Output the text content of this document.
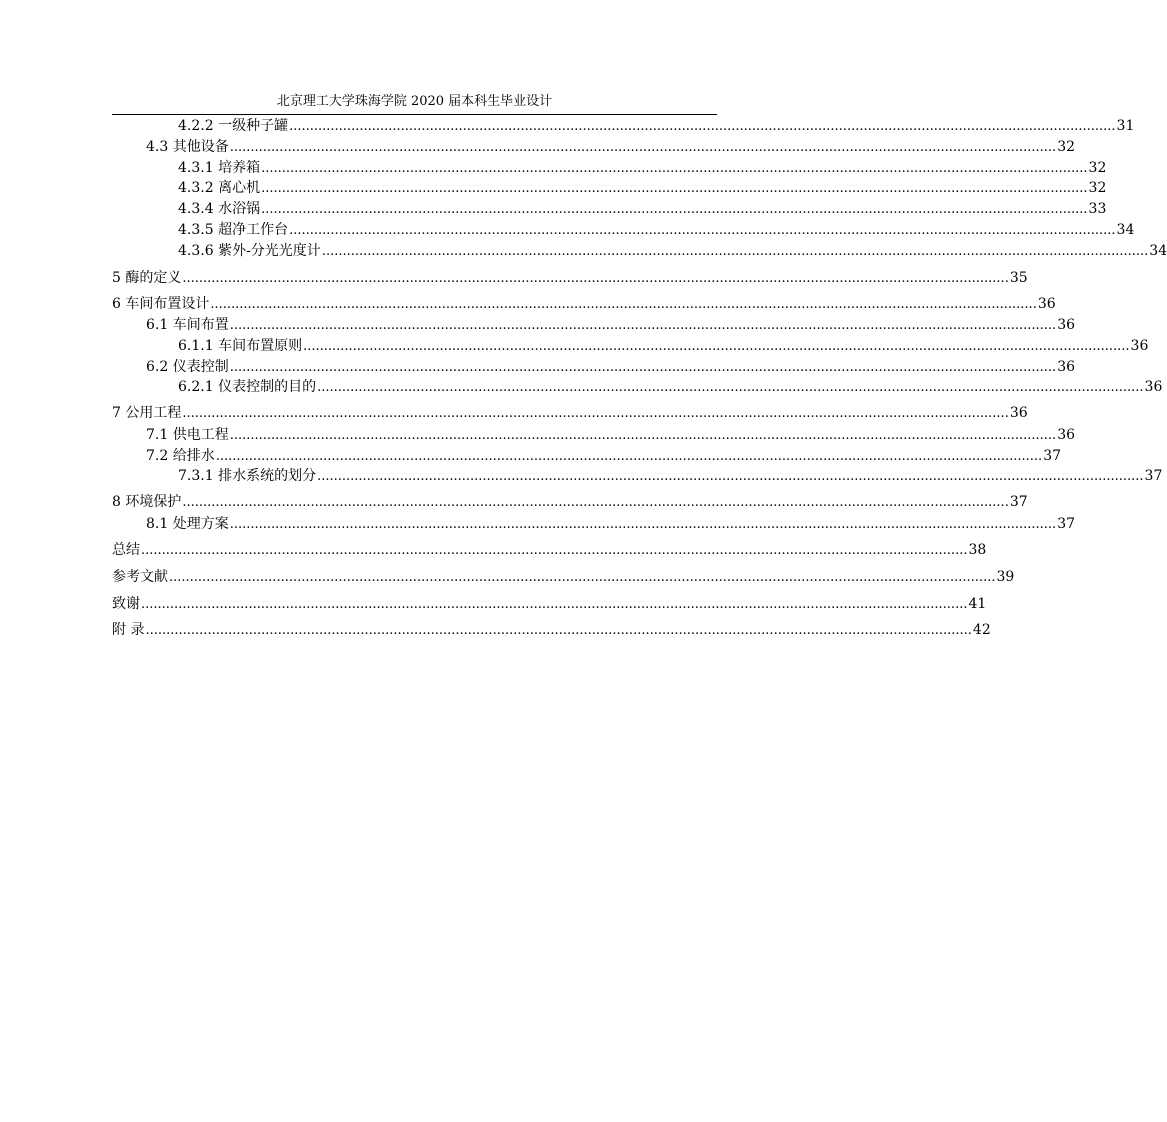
北京理工大学珠海学院 2020 届本科生毕业设计
4.2.2 一级种子罐 ........................................................................................................................................................................................................ 31
4.3 其他设备 ........................................................................................................................................................................................................ 32
4.3.1 培养箱 ........................................................................................................................................................................................................ 32
4.3.2 离心机 ........................................................................................................................................................................................................ 32
4.3.4 水浴锅 ........................................................................................................................................................................................................ 33
4.3.5 超净工作台 ........................................................................................................................................................................................................ 34
4.3.6 紫外-分光光度计 ........................................................................................................................................................................................................ 34
5 酶的定义 ........................................................................................................................................................................................................ 35
6 车间布置设计 ........................................................................................................................................................................................................ 36
6.1 车间布置 ........................................................................................................................................................................................................ 36
6.1.1 车间布置原则 ........................................................................................................................................................................................................ 36
6.2 仪表控制 ........................................................................................................................................................................................................ 36
6.2.1 仪表控制的目的 ........................................................................................................................................................................................................ 36
7 公用工程 ........................................................................................................................................................................................................ 36
7.1 供电工程 ........................................................................................................................................................................................................ 36
7.2 给排水 ........................................................................................................................................................................................................ 37
7.3.1 排水系统的划分 ........................................................................................................................................................................................................ 37
8 环境保护 ........................................................................................................................................................................................................ 37
8.1 处理方案 ........................................................................................................................................................................................................ 37
总结 ........................................................................................................................................................................................................ 38
参考文献 ........................................................................................................................................................................................................ 39
致谢 ........................................................................................................................................................................................................ 41
附 录 ........................................................................................................................................................................................................ 42
